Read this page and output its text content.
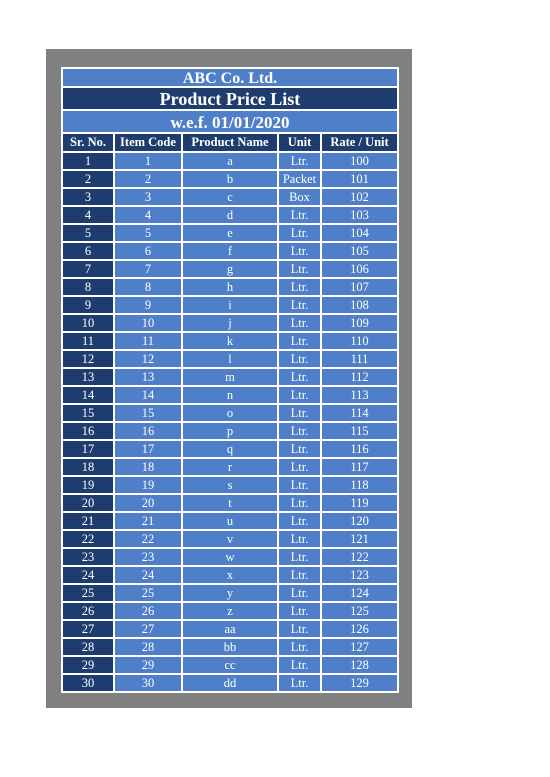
ABC Co. Ltd.
Product Price List
w.e.f. 01/01/2020
Sr. No.	Item Code	Product Name	Unit	Rate / Unit
1	1	a	Ltr.	100
2	2	b	Packet	101
3	3	c	Box	102
4	4	d	Ltr.	103
5	5	e	Ltr.	104
6	6	f	Ltr.	105
7	7	g	Ltr.	106
8	8	h	Ltr.	107
9	9	i	Ltr.	108
10	10	j	Ltr.	109
11	11	k	Ltr.	110
12	12	l	Ltr.	111
13	13	m	Ltr.	112
14	14	n	Ltr.	113
15	15	o	Ltr.	114
16	16	p	Ltr.	115
17	17	q	Ltr.	116
18	18	r	Ltr.	117
19	19	s	Ltr.	118
20	20	t	Ltr.	119
21	21	u	Ltr.	120
22	22	v	Ltr.	121
23	23	w	Ltr.	122
24	24	x	Ltr.	123
25	25	y	Ltr.	124
26	26	z	Ltr.	125
27	27	aa	Ltr.	126
28	28	bb	Ltr.	127
29	29	cc	Ltr.	128
30	30	dd	Ltr.	129
